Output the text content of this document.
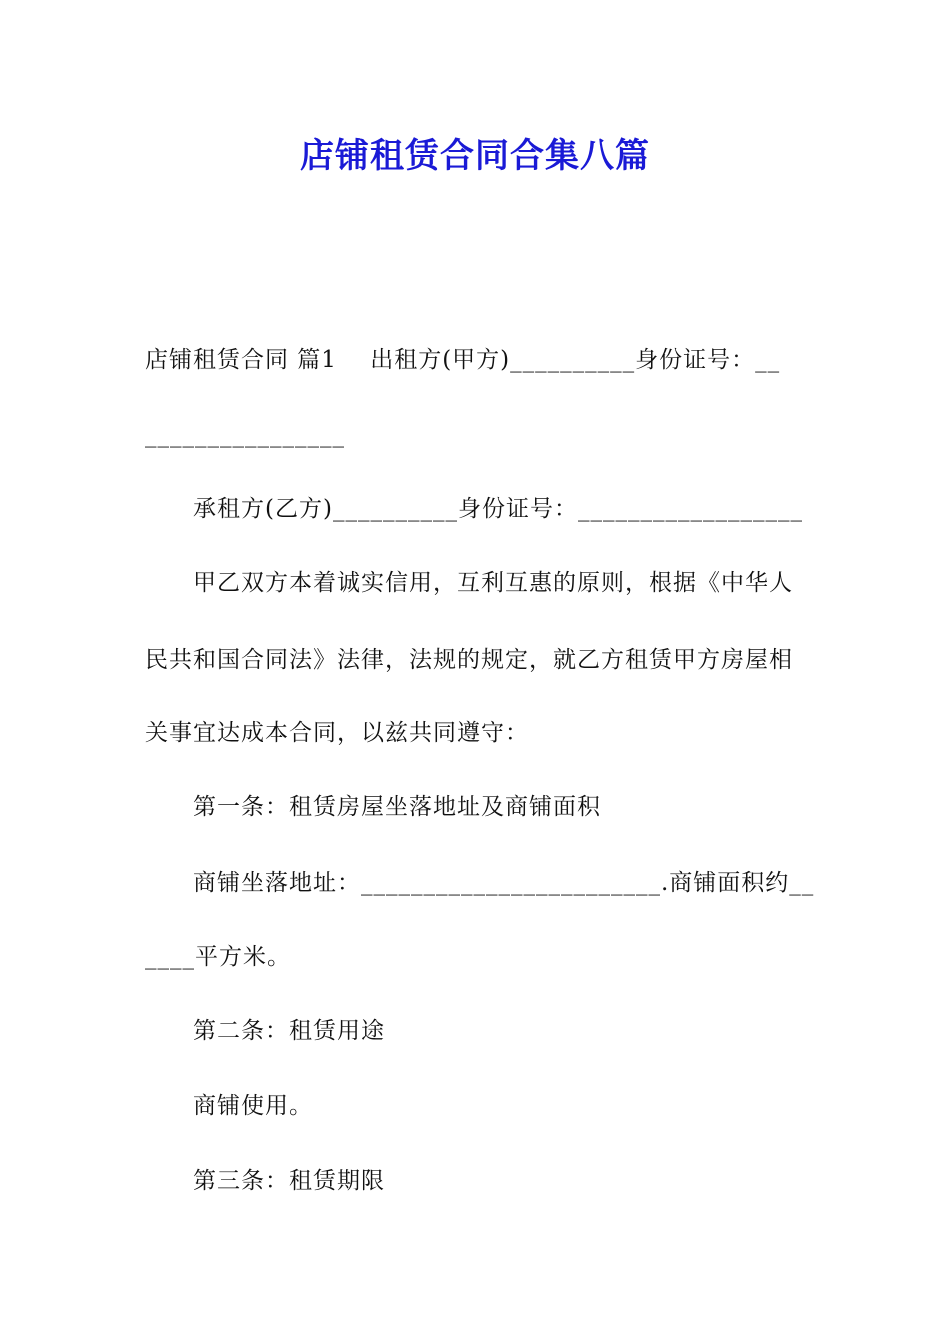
店铺租赁合同合集八篇
店铺租赁合同 篇1    出租方(甲方)__________身份证号：__
________________
承租方(乙方)__________身份证号：__________________
甲乙双方本着诚实信用，互利互惠的原则，根据《中华人
民共和国合同法》法律，法规的规定，就乙方租赁甲方房屋相
关事宜达成本合同，以兹共同遵守：
第一条：租赁房屋坐落地址及商铺面积
商铺坐落地址：________________________.商铺面积约__
____平方米。
第二条：租赁用途
商铺使用。
第三条：租赁期限
